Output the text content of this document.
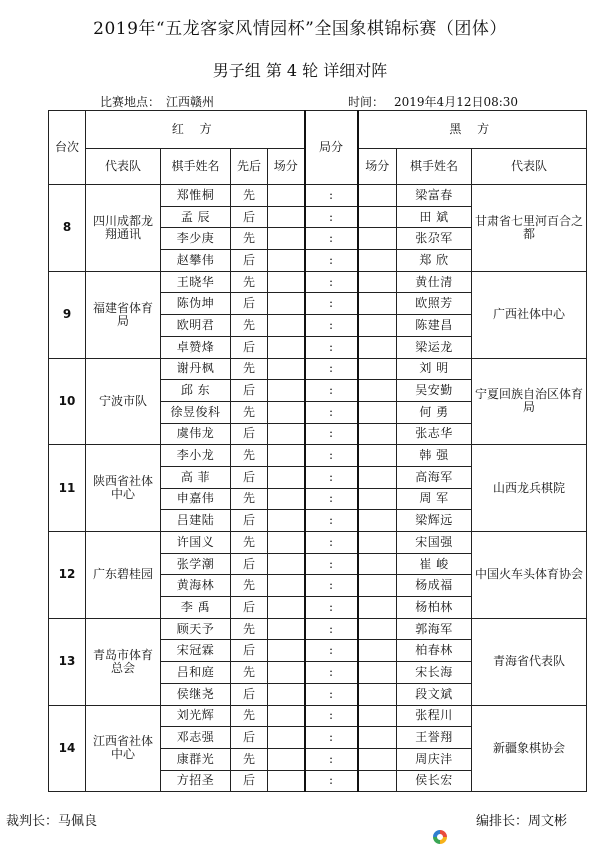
2019年“五龙客家风情园杯”全国象棋锦标赛（团体）
男子组 第 4 轮 详细对阵
比赛地点： 江西赣州	时间： 2019年4月12日08:30
台次	红 方				局分	黑 方		
	代表队	棋手姓名	先后	场分		场分	棋手姓名	代表队
8	四川成都龙翔通讯	郑惟桐	先		:		梁富春	甘肃省七里河百合之都
		孟 辰	后		:		田 斌	
		李少庚	先		:		张尕军	
		赵攀伟	后		:		郑 欣	
9	福建省体育局	王晓华	先		:		黄仕清	广西社体中心
		陈伪坤	后		:		欧照芳	
		欧明君	先		:		陈建昌	
		卓赞烽	后		:		梁运龙	
10	宁波市队	谢丹枫	先		:		刘 明	宁夏回族自治区体育局
		邱 东	后		:		吴安勤	
		徐昱俊科	先		:		何 勇	
		虞伟龙	后		:		张志华	
11	陕西省社体中心	李小龙	先		:		韩 强	山西龙兵棋院
		高 菲	后		:		高海军	
		申嘉伟	先		:		周 军	
		吕建陆	后		:		梁辉远	
12	广东碧桂园	许国义	先		:		宋国强	中国火车头体育协会
		张学潮	后		:		崔 峻	
		黄海林	先		:		杨成福	
		李 禹	后		:		杨柏林	
13	青岛市体育总会	顾天予	先		:		郭海军	青海省代表队
		宋冠霖	后		:		柏春林	
		吕和庭	先		:		宋长海	
		侯继尧	后		:		段文斌	
14	江西省社体中心	刘光辉	先		:		张程川	新疆象棋协会
		邓志强	后		:		王誉翔	
		康群光	先		:		周庆沣	
		方招圣	后		:		侯长宏	
裁判长：马佩良	编排长：周文彬
